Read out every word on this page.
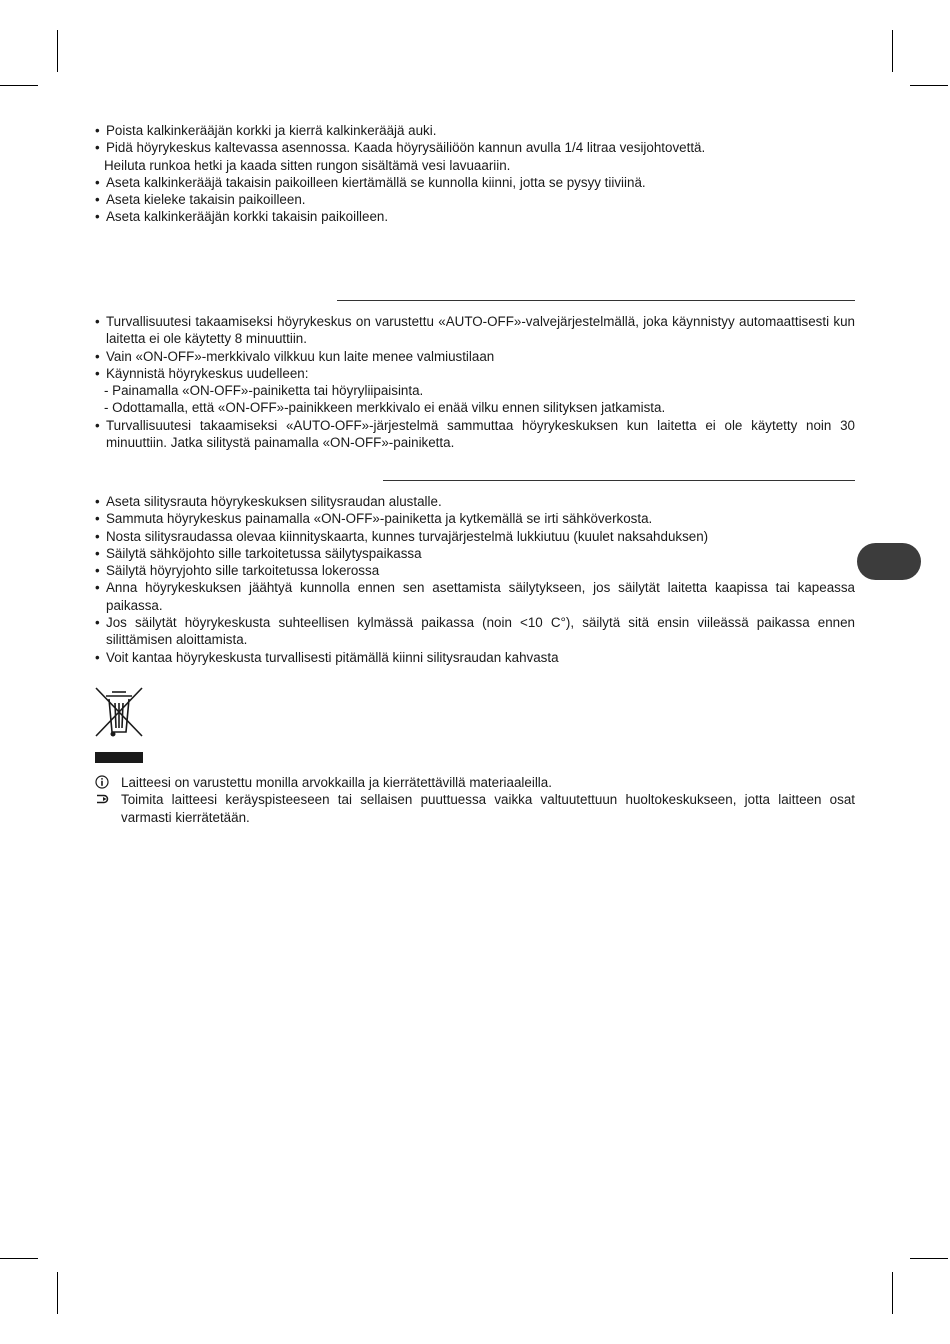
• Poista kalkinkerääjän korkki ja kierrä kalkinkerääjä auki.
• Pidä höyrykeskus kaltevassa asennossa. Kaada höyrysäiliöön kannun avulla 1/4 litraa vesijohtovettä.
Heiluta runkoa hetki ja kaada sitten rungon sisältämä vesi lavuaariin.
• Aseta kalkinkerääjä takaisin paikoilleen kiertämällä se kunnolla kiinni, jotta se pysyy tiiviinä.
• Aseta kieleke takaisin paikoilleen.
• Aseta kalkinkerääjän korkki takaisin paikoilleen.
• Turvallisuutesi takaamiseksi höyrykeskus on varustettu «AUTO-OFF»-valvejärjestelmällä, joka käynnistyy automaattisesti kun laitetta ei ole käytetty 8 minuuttiin.
• Vain «ON-OFF»-merkkivalo vilkkuu kun laite menee valmiustilaan
• Käynnistä höyrykeskus uudelleen:
- Painamalla «ON-OFF»-painiketta tai höyryliipaisinta.
- Odottamalla, että «ON-OFF»-painikkeen merkkivalo ei enää vilku ennen silityksen jatkamista.
• Turvallisuutesi takaamiseksi «AUTO-OFF»-järjestelmä sammuttaa höyrykeskuksen kun laitetta ei ole käytetty noin 30 minuuttiin. Jatka silitystä painamalla «ON-OFF»-painiketta.
• Aseta silitysrauta höyrykeskuksen silitysraudan alustalle.
• Sammuta höyrykeskus painamalla «ON-OFF»-painiketta ja kytkemällä se irti sähköverkosta.
• Nosta silitysraudassa olevaa kiinnityskaarta, kunnes turvajärjestelmä lukkiutuu (kuulet naksahduksen)
• Säilytä sähköjohto sille tarkoitetussa säilytyspaikassa
• Säilytä höyryjohto sille tarkoitetussa lokerossa
• Anna höyrykeskuksen jäähtyä kunnolla ennen sen asettamista säilytykseen, jos säilytät laitetta kaapissa tai kapeassa paikassa.
• Jos säilytät höyrykeskusta suhteellisen kylmässä paikassa (noin <10 C°), säilytä sitä ensin viileässä paikassa ennen silittämisen aloittamista.
• Voit kantaa höyrykeskusta turvallisesti pitämällä kiinni silitysraudan kahvasta
Laitteesi on varustettu monilla arvokkailla ja kierrätettävillä materiaaleilla.
Toimita laitteesi keräyspisteeseen tai sellaisen puuttuessa vaikka valtuutettuun huoltokeskukseen, jotta laitteen osat varmasti kierrätetään.
